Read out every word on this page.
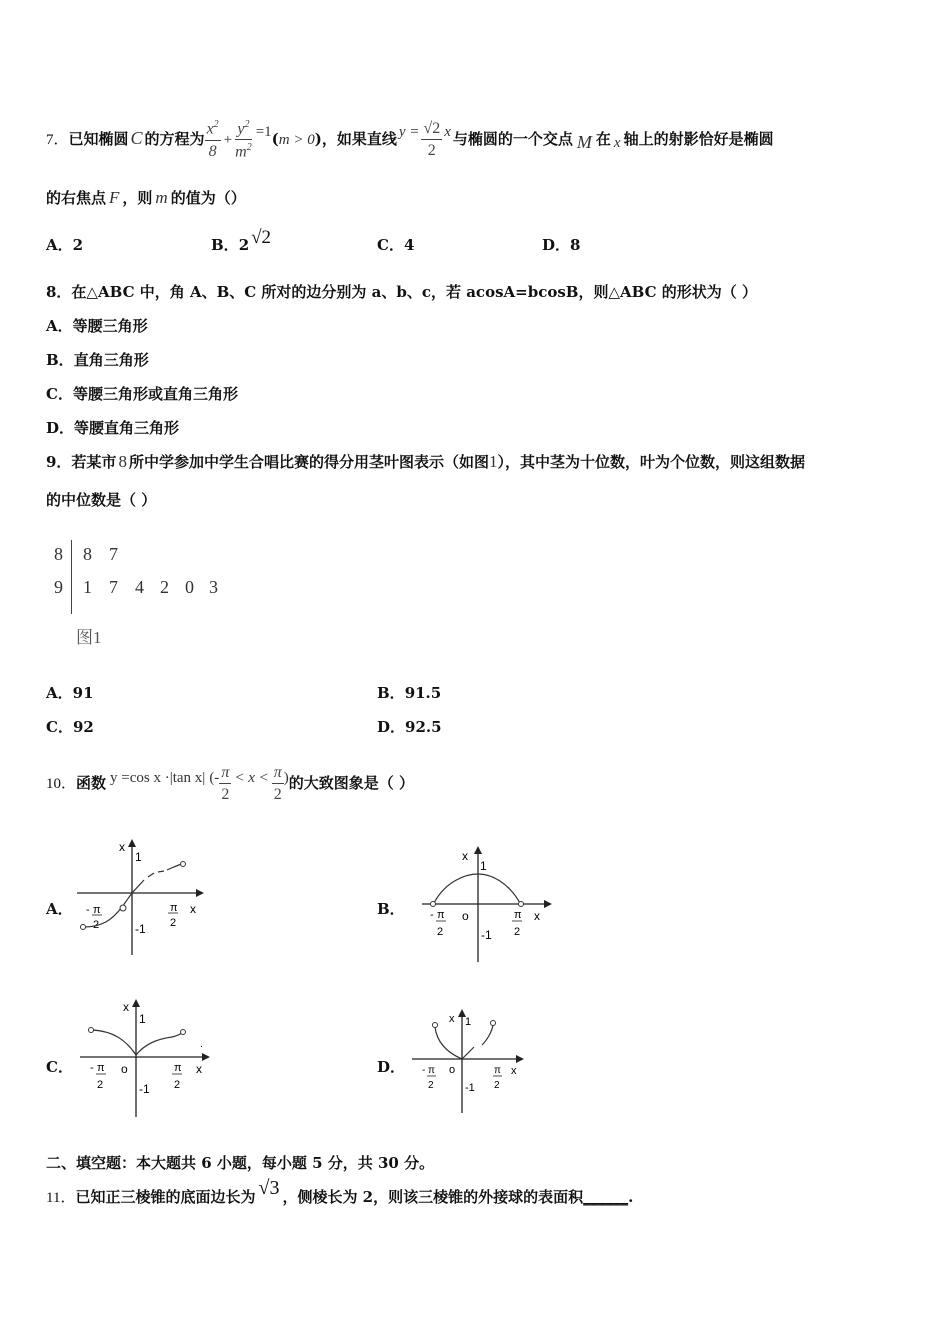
7．已知椭圆 C 的方程为 $\frac{x^2}{8} + \frac{y^2}{m^2} =1(m > 0)$，如果直线 $y = \frac{√2}{2}$ x 与椭圆的一个交点 M 在 x 轴上的射影恰好是椭圆
的右焦点 F ，则 m 的值为（）
A．2	B．2 √2	C．4	D．8
8．在△ABC 中，角 A、B、C 所对的边分别为 a、b、c，若 acosA=bcosB，则△ABC 的形状为（ ）
A．等腰三角形
B．直角三角形
C．等腰三角形或直角三角形
D．等腰直角三角形
9．若某市 8 所中学参加中学生合唱比赛的得分用茎叶图表示（如图1），其中茎为十位数，叶为个位数，则这组数据
的中位数是（ ）
8 8 7
9 1 7 4 2 0 3
图1
A．91	B．91.5
C．92	D．92.5
10．函数 y =cos x ·|tan x| (- $\frac{\pi}{2} < x < \frac{\pi}{2}$ )的大致图象是（ ）
A．
x
1
x
-1
- π
2
π
2
B．
x
1
o	x
-1
- π
2
π
2
C．
x
1
o	x
-1
- π
2
π
2
.
D．
x 1
o	x
-1
- π
2
π
2
二、填空题：本大题共 6 小题，每小题 5 分，共 30 分。
11．已知正三棱锥的底面边长为 √3 ，侧棱长为 2，则该三棱锥的外接球的表面积______.
